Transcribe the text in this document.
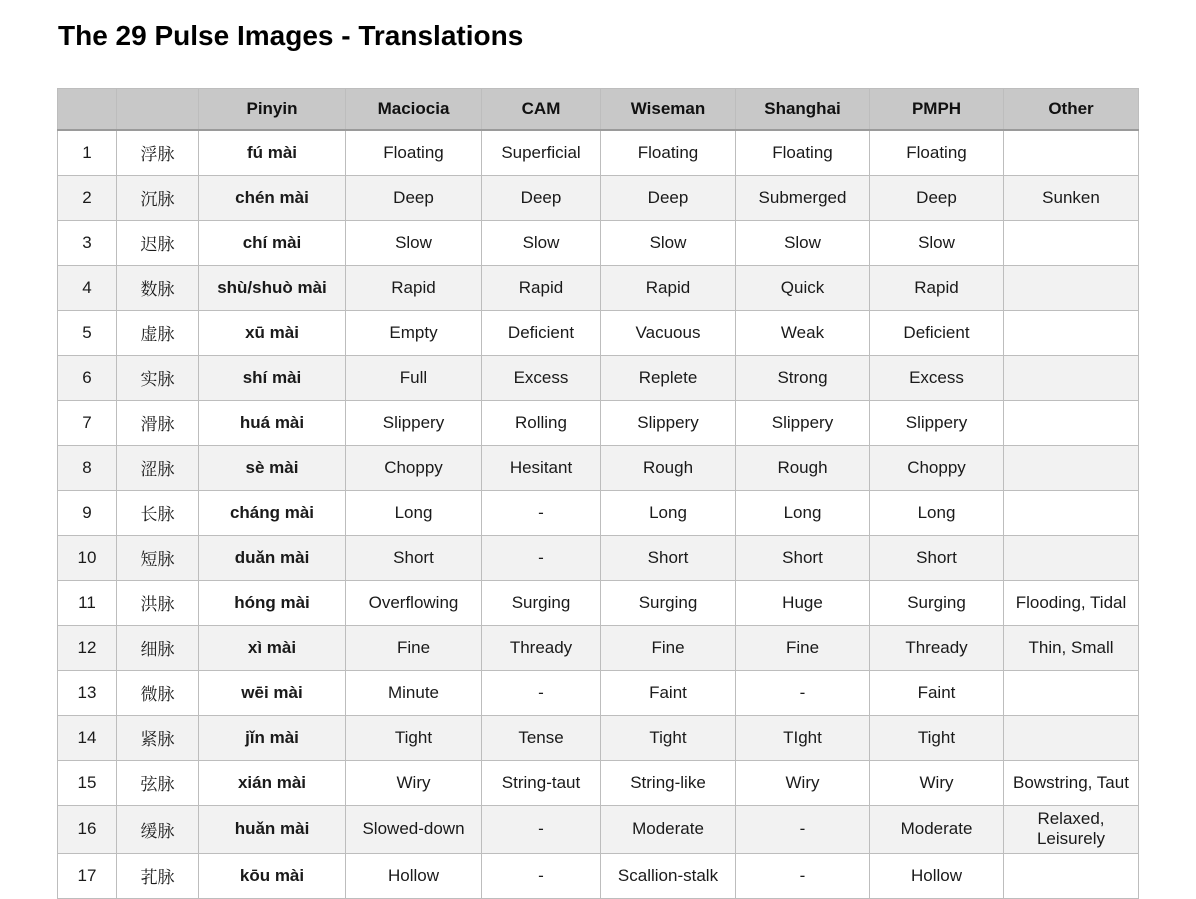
The 29 Pulse Images - Translations
		Pinyin	Maciocia	CAM	Wiseman	Shanghai	PMPH	Other
1	浮脉	fú mài	Floating	Superficial	Floating	Floating	Floating	
2	沉脉	chén mài	Deep	Deep	Deep	Submerged	Deep	Sunken
3	迟脉	chí mài	Slow	Slow	Slow	Slow	Slow	
4	数脉	shù/shuò mài	Rapid	Rapid	Rapid	Quick	Rapid	
5	虚脉	xū mài	Empty	Deficient	Vacuous	Weak	Deficient	
6	实脉	shí mài	Full	Excess	Replete	Strong	Excess	
7	滑脉	huá mài	Slippery	Rolling	Slippery	Slippery	Slippery	
8	涩脉	sè mài	Choppy	Hesitant	Rough	Rough	Choppy	
9	长脉	cháng mài	Long	-	Long	Long	Long	
10	短脉	duǎn mài	Short	-	Short	Short	Short	
11	洪脉	hóng mài	Overflowing	Surging	Surging	Huge	Surging	Flooding, Tidal
12	细脉	xì mài	Fine	Thready	Fine	Fine	Thready	Thin, Small
13	微脉	wēi mài	Minute	-	Faint	-	Faint	
14	紧脉	jǐn mài	Tight	Tense	Tight	TIght	Tight	
15	弦脉	xián mài	Wiry	String-taut	String-like	Wiry	Wiry	Bowstring, Taut
16	缓脉	huǎn mài	Slowed-down	-	Moderate	-	Moderate	Relaxed, Leisurely
17	芤脉	kōu mài	Hollow	-	Scallion-stalk	-	Hollow	
